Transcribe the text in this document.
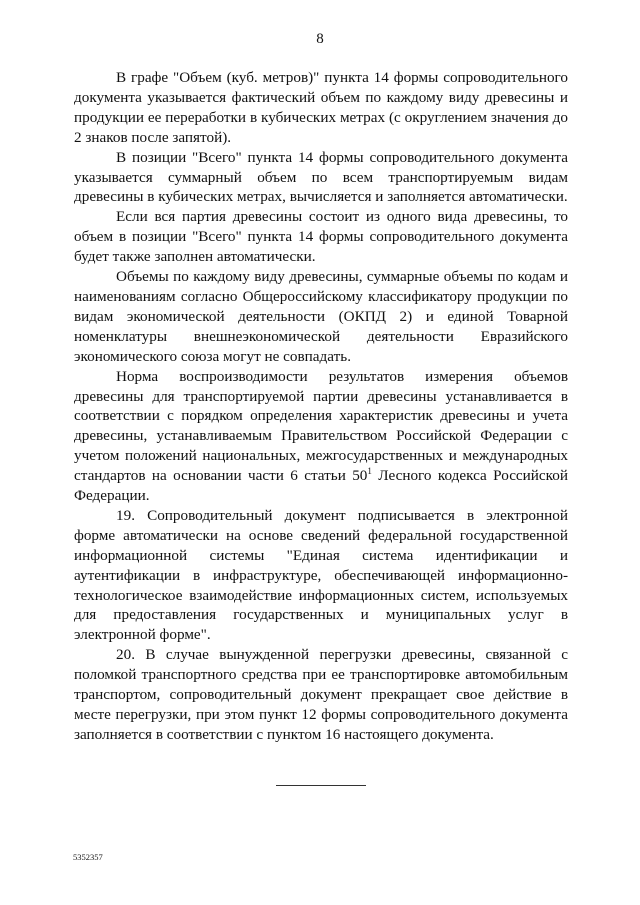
8

В графе "Объем (куб. метров)" пункта 14 формы сопроводительного документа указывается фактический объем по каждому виду древесины и продукции ее переработки в кубических метрах (с округлением значения до 2 знаков после запятой).

В позиции "Всего" пункта 14 формы сопроводительного документа указывается суммарный объем по всем транспортируемым видам древесины в кубических метрах, вычисляется и заполняется автоматически.

Если вся партия древесины состоит из одного вида древесины, то объем в позиции "Всего" пункта 14 формы сопроводительного документа будет также заполнен автоматически.

Объемы по каждому виду древесины, суммарные объемы по кодам и наименованиям согласно Общероссийскому классификатору продукции по видам экономической деятельности (ОКПД 2) и единой Товарной номенклатуры внешнеэкономической деятельности Евразийского экономического союза могут не совпадать.

Норма воспроизводимости результатов измерения объемов древесины для транспортируемой партии древесины устанавливается в соответствии с порядком определения характеристик древесины и учета древесины, устанавливаемым Правительством Российской Федерации с учетом положений национальных, межгосударственных и международных стандартов на основании части 6 статьи $50^1$ Лесного кодекса Российской Федерации.

19. Сопроводительный документ подписывается в электронной форме автоматически на основе сведений федеральной государственной информационной системы "Единая система идентификации и аутентификации в инфраструктуре, обеспечивающей информационно-технологическое взаимодействие информационных систем, используемых для предоставления государственных и муниципальных услуг в электронной форме".

20. В случае вынужденной перегрузки древесины, связанной с поломкой транспортного средства при ее транспортировке автомобильным транспортом, сопроводительный документ прекращает свое действие в месте перегрузки, при этом пункт 12 формы сопроводительного документа заполняется в соответствии с пунктом 16 настоящего документа.

5352357
